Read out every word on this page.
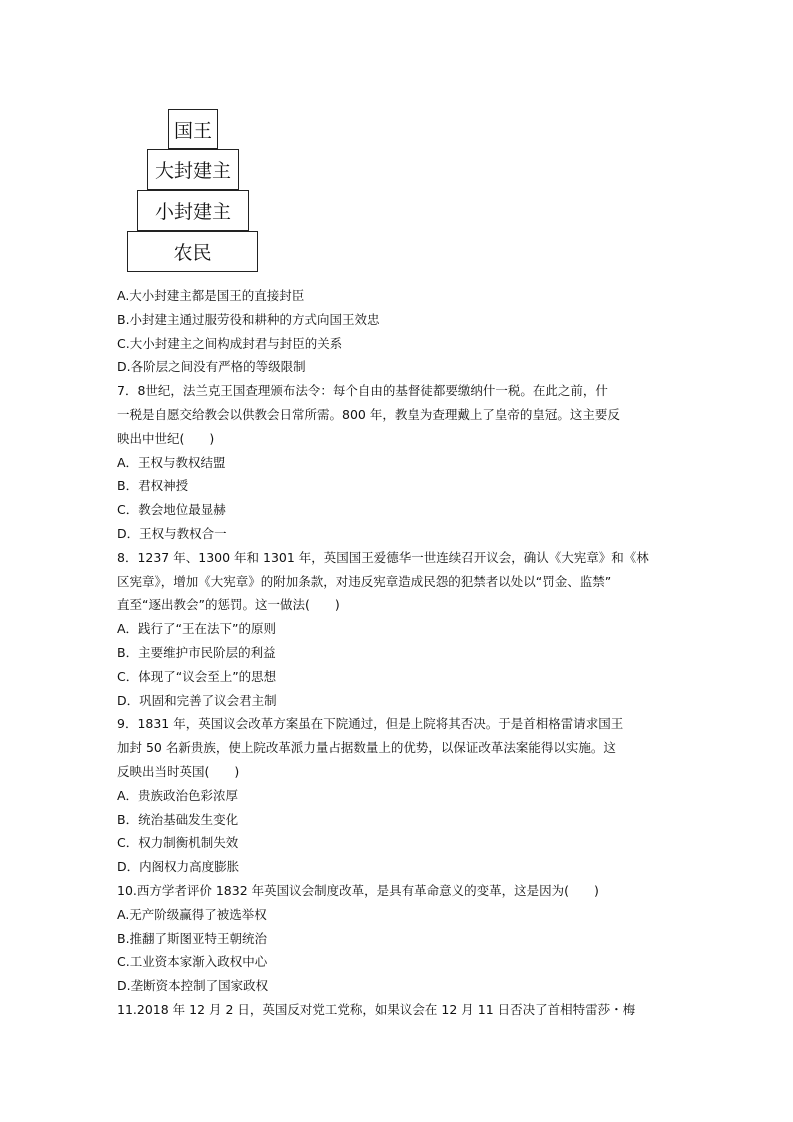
国王
大封建主
小封建主
农民
A.大小封建主都是国王的直接封臣
B.小封建主通过服劳役和耕种的方式向国王效忠
C.大小封建主之间构成封君与封臣的关系
D.各阶层之间没有严格的等级限制
7．8世纪，法兰克王国查理颁布法令：每个自由的基督徒都要缴纳什一税。在此之前，什
一税是自愿交给教会以供教会日常所需。800 年，教皇为查理戴上了皇帝的皇冠。这主要反
映出中世纪(　　)
A．王权与教权结盟
B．君权神授
C．教会地位最显赫
D．王权与教权合一
8．1237 年、1300 年和 1301 年，英国国王爱德华一世连续召开议会，确认《大宪章》和《林
区宪章》，增加《大宪章》的附加条款，对违反宪章造成民怨的犯禁者以处以“罚金、监禁”
直至“逐出教会”的惩罚。这一做法(　　)
A．践行了“王在法下”的原则
B．主要维护市民阶层的利益
C．体现了“议会至上”的思想
D．巩固和完善了议会君主制
9．1831 年，英国议会改革方案虽在下院通过，但是上院将其否决。于是首相格雷请求国王
加封 50 名新贵族，使上院改革派力量占据数量上的优势，以保证改革法案能得以实施。这
反映出当时英国(　　)
A．贵族政治色彩浓厚
B．统治基础发生变化
C．权力制衡机制失效
D．内阁权力高度膨胀
10.西方学者评价 1832 年英国议会制度改革，是具有革命意义的变革，这是因为(　　)
A.无产阶级赢得了被选举权
B.推翻了斯图亚特王朝统治
C.工业资本家渐入政权中心
D.垄断资本控制了国家政权
11.2018 年 12 月 2 日，英国反对党工党称，如果议会在 12 月 11 日否决了首相特雷莎・梅
